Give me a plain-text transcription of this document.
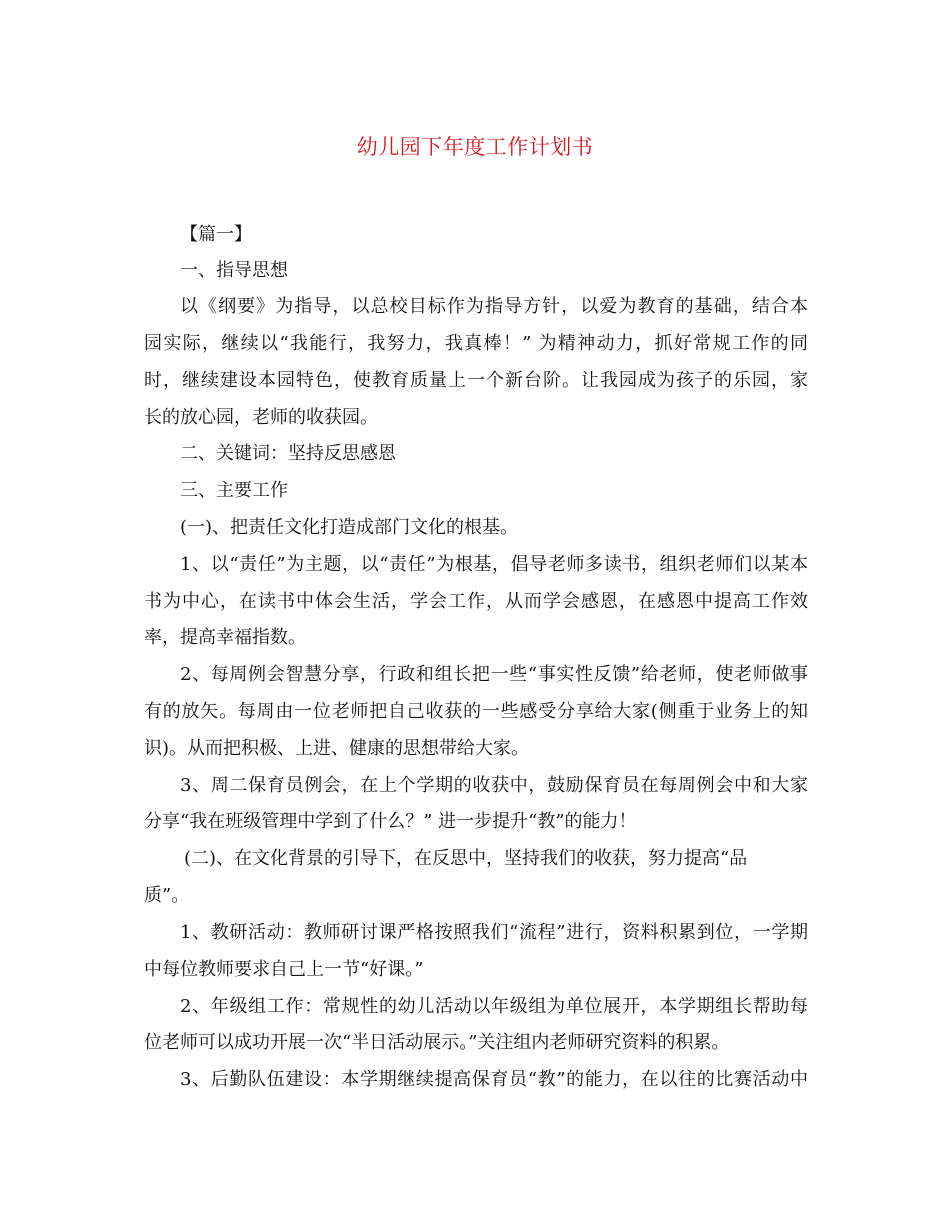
幼儿园下年度工作计划书
【篇一】
一、指导思想
以《纲要》为指导，以总校目标作为指导方针，以爱为教育的基础，结合本
园实际，继续以“我能行，我努力，我真棒！” 为精神动力，抓好常规工作的同
时，继续建设本园特色，使教育质量上一个新台阶。让我园成为孩子的乐园，家
长的放心园，老师的收获园。
二、关键词：坚持反思感恩
三、主要工作
(一)、把责任文化打造成部门文化的根基。
1、以“责任”为主题，以“责任”为根基，倡导老师多读书，组织老师们以某本
书为中心，在读书中体会生活，学会工作，从而学会感恩，在感恩中提高工作效
率，提高幸福指数。
2、每周例会智慧分享，行政和组长把一些“事实性反馈”给老师，使老师做事
有的放矢。每周由一位老师把自己收获的一些感受分享给大家(侧重于业务上的知
识)。从而把积极、上进、健康的思想带给大家。
3、周二保育员例会，在上个学期的收获中，鼓励保育员在每周例会中和大家
分享“我在班级管理中学到了什么？” 进一步提升“教”的能力！
(二)、在文化背景的引导下，在反思中，坚持我们的收获，努力提高“品
质”。
1、教研活动：教师研讨课严格按照我们“流程”进行，资料积累到位，一学期
中每位教师要求自己上一节“好课。”
2、年级组工作：常规性的幼儿活动以年级组为单位展开，本学期组长帮助每
位老师可以成功开展一次“半日活动展示。”关注组内老师研究资料的积累。
3、后勤队伍建设：本学期继续提高保育员“教”的能力，在以往的比赛活动中
